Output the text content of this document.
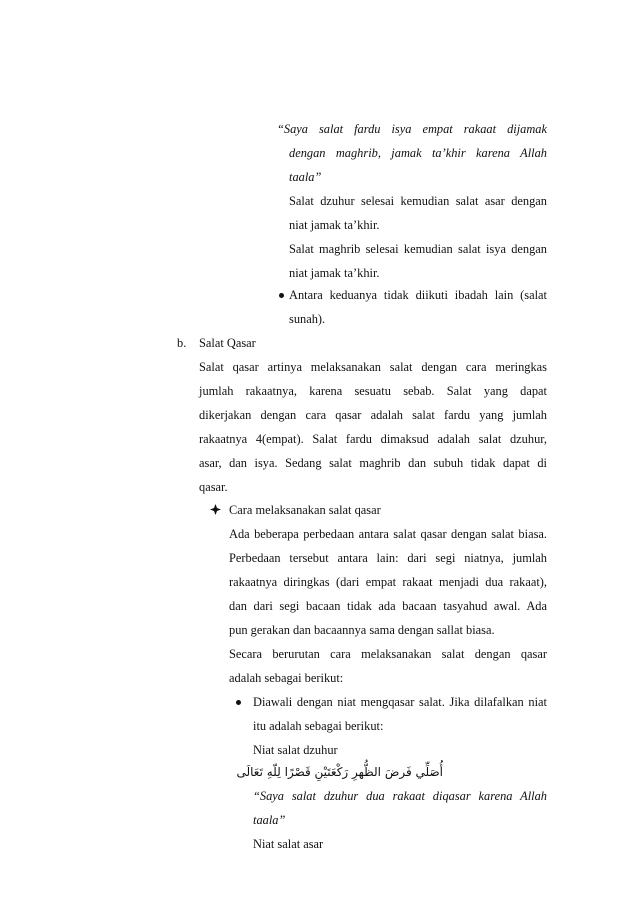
“Saya salat fardu isya empat rakaat dijamak
dengan maghrib, jamak ta’khir karena Allah
taala”
Salat dzuhur selesai kemudian salat asar dengan
niat jamak ta’khir.
Salat maghrib selesai kemudian salat isya dengan
niat jamak ta’khir.
Antara keduanya tidak diikuti ibadah lain (salat
sunah).
b. Salat Qasar
Salat qasar artinya melaksanakan salat dengan cara meringkas
jumlah rakaatnya, karena sesuatu sebab. Salat yang dapat
dikerjakan dengan cara qasar adalah salat fardu yang jumlah
rakaatnya 4(empat). Salat fardu dimaksud adalah salat dzuhur,
asar, dan isya. Sedang salat maghrib dan subuh tidak dapat di
qasar.
Cara melaksanakan salat qasar
Ada beberapa perbedaan antara salat qasar dengan salat biasa.
Perbedaan tersebut antara lain: dari segi niatnya, jumlah
rakaatnya diringkas (dari empat rakaat menjadi dua rakaat),
dan dari segi bacaan tidak ada bacaan tasyahud awal. Ada
pun gerakan dan bacaannya sama dengan sallat biasa.
Secara berurutan cara melaksanakan salat dengan qasar
adalah sebagai berikut:
Diawali dengan niat mengqasar salat. Jika dilafalkan niat
itu adalah sebagai berikut:
Niat salat dzuhur
أُصَلِّي فَرضَ الظُّهرِ رَكْعَتَيْنِ قَصْرًا لِلّهِ تَعَالَى
“Saya salat dzuhur dua rakaat diqasar karena Allah
taala”
Niat salat asar
